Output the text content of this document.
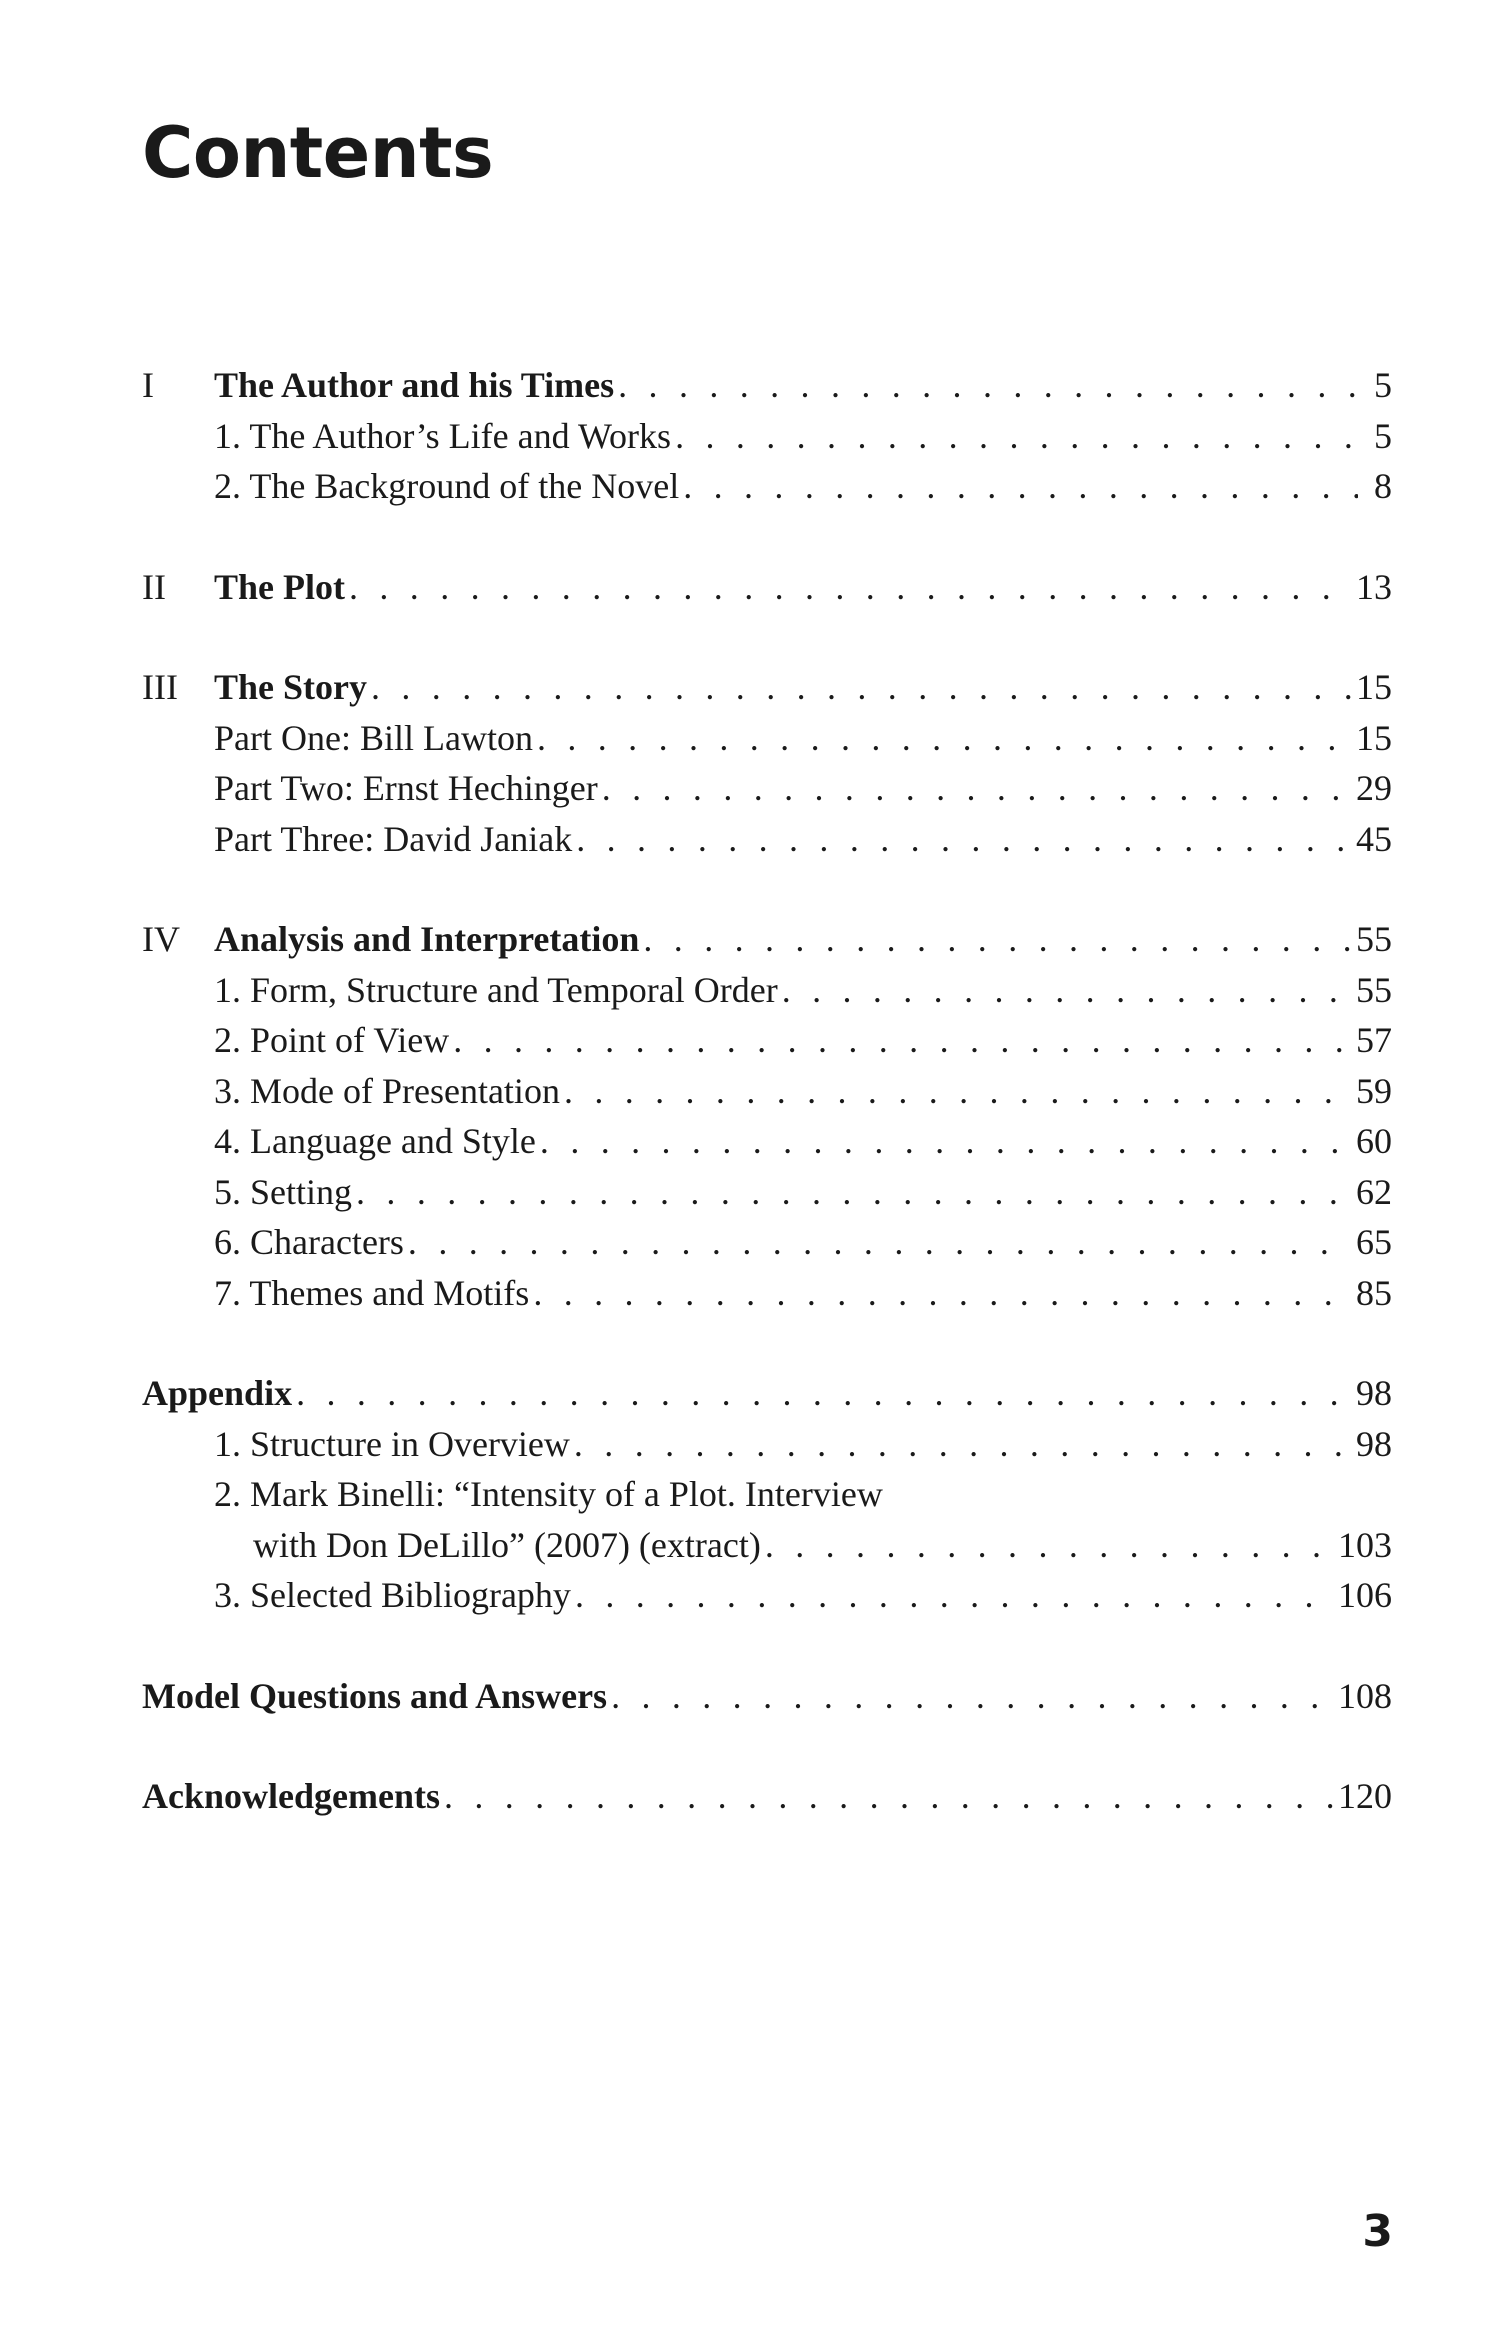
Contents
I The Author and his Times . . .	5
1. The Author’s Life and Works . . .	5
2. The Background of the Novel . . .	8
II The Plot . . .	13
III The Story . . .	15
Part One: Bill Lawton . . .	15
Part Two: Ernst Hechinger . . .	29
Part Three: David Janiak . . .	45
IV Analysis and Interpretation . . .	55
1. Form, Structure and Temporal Order . . .	55
2. Point of View . . .	57
3. Mode of Presentation . . .	59
4. Language and Style . . .	60
5. Setting . . .	62
6. Characters . . .	65
7. Themes and Motifs . . .	85
Appendix . . .	98
1. Structure in Overview . . .	98
2. Mark Binelli: “Intensity of a Plot. Interview
with Don DeLillo” (2007) (extract) . . .	103
3. Selected Bibliography . . .	106
Model Questions and Answers . . .	108
Acknowledgements . . .	120
3
